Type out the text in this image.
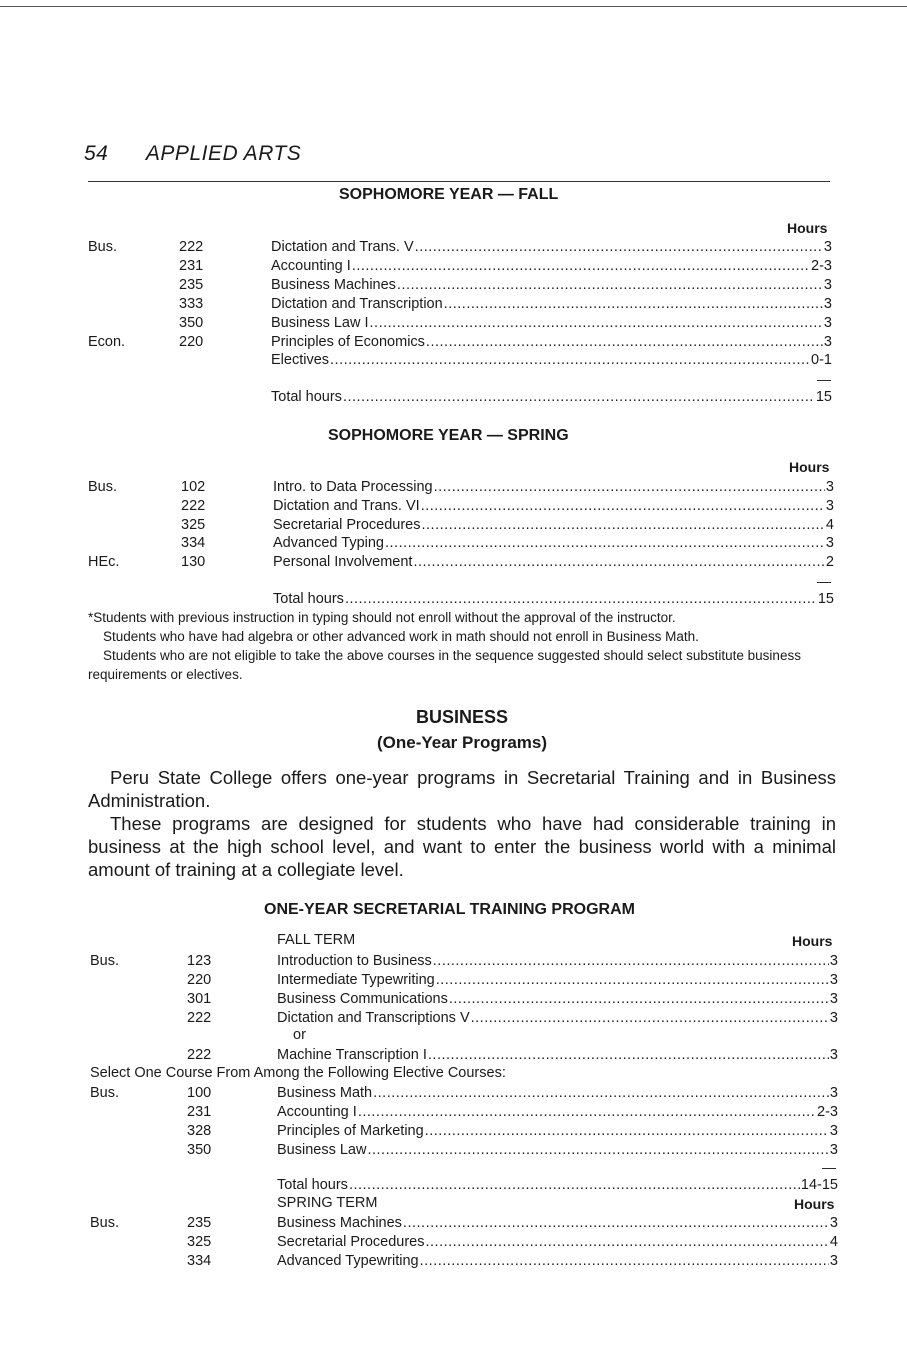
54 APPLIED ARTS
SOPHOMORE YEAR — FALL
Hours
Bus.	222	Dictation and Trans. V .....	3
231	Accounting I .....	2-3
235	Business Machines .....	3
333	Dictation and Transcription .....	3
350	Business Law I .....	3
Econ.	220	Principles of Economics .....	3
Electives .....	0-1
—
Total hours .....	15
SOPHOMORE YEAR — SPRING
Hours
Bus.	102	Intro. to Data Processing .....	3
222	Dictation and Trans. VI .....	3
325	Secretarial Procedures .....	4
334	Advanced Typing .....	3
HEc.	130	Personal Involvement .....	2
—
Total hours .....	15

*Students with previous instruction in typing should not enroll without the approval of the instructor.

Students who have had algebra or other advanced work in math should not enroll in Business Math.

Students who are not eligible to take the above courses in the sequence suggested should select substitute business requirements or electives.

BUSINESS
(One-Year Programs)

Peru State College offers one-year programs in Secretarial Training and in Business Administration.

These programs are designed for students who have had considerable training in business at the high school level, and want to enter the business world with a minimal amount of training at a collegiate level.

ONE-YEAR SECRETARIAL TRAINING PROGRAM
FALL TERM	Hours
Bus.	123	Introduction to Business .....	3
220	Intermediate Typewriting .....	3
301	Business Communications .....	3
222	Dictation and Transcriptions V .....	3
or
222	Machine Transcription I .....	3
Select One Course From Among the Following Elective Courses:
Bus.	100	Business Math .....	3
231	Accounting I .....	2-3
328	Principles of Marketing .....	3
350	Business Law .....	3
—
Total hours .....	14-15
SPRING TERM	Hours
Bus.	235	Business Machines .....	3
325	Secretarial Procedures .....	4
334	Advanced Typewriting .....	3
